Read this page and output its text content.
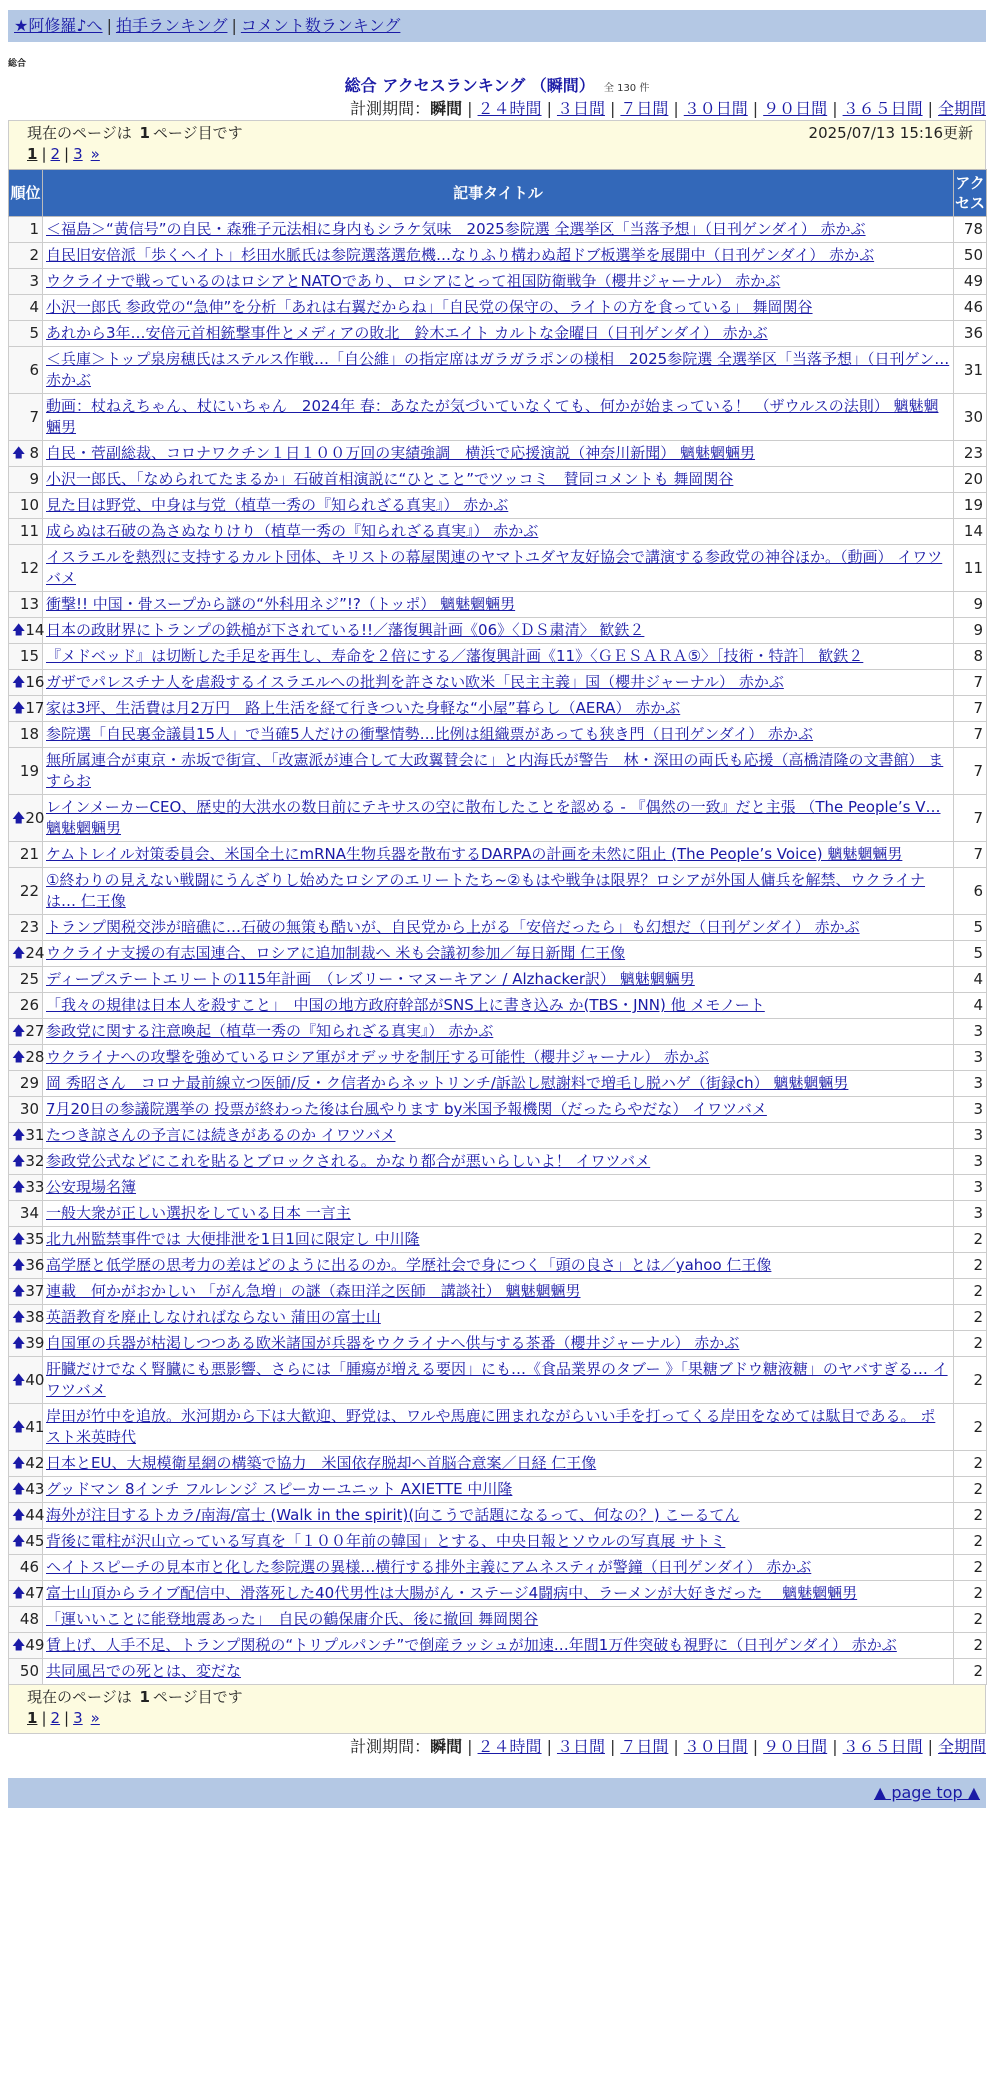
★阿修羅♪へ | 拍手ランキング | コメント数ランキング
総合
総合 アクセスランキング （瞬間） 全 130 件
計測期間：瞬間 | ２４時間 | ３日間 | ７日間 | ３０日間 | ９０日間 | ３６５日間 | 全期間
現在のページは 1 ページ目です	2025/07/13 15:16更新
1 | 2 | 3 »
順位	記事タイトル	アクセス
1	＜福島＞“黄信号”の自民・森雅子元法相に身内もシラケ気味　2025参院選 全選挙区「当落予想」（日刊ゲンダイ） 赤かぶ	78
2	自民旧安倍派「歩くヘイト」杉田水脈氏は参院選落選危機…なりふり構わぬ超ドブ板選挙を展開中（日刊ゲンダイ） 赤かぶ	50
3	ウクライナで戦っているのはロシアとNATOであり、ロシアにとって祖国防衛戦争（櫻井ジャーナル） 赤かぶ	49
4	小沢一郎氏 参政党の“急伸”を分析「あれは右翼だからね」「自民党の保守の、ライトの方を食っている」 舞岡関谷	46
5	あれから3年…安倍元首相銃撃事件とメディアの敗北　鈴木エイト カルトな金曜日（日刊ゲンダイ） 赤かぶ	36
6	＜兵庫＞トップ泉房穂氏はステルス作戦…「自公維」の指定席はガラガラポンの様相　2025参院選 全選挙区「当落予想」（日刊ゲン… 赤かぶ	31
7	動画：杖ねえちゃん、杖にいちゃん　2024年 春：あなたが気づいていなくても、何かが始まっている！ （ザウルスの法則） 魑魅魍魎男	30

🡅 8	自民・菅副総裁、コロナワクチン１日１００万回の実績強調　横浜で応援演説（神奈川新聞） 魑魅魍魎男	23
9	小沢一郎氏、「なめられてたまるか」石破首相演説に“ひとこと”でツッコミ　賛同コメントも 舞岡関谷	20
10	見た目は野党、中身は与党（植草一秀の『知られざる真実』） 赤かぶ	19
11	成らぬは石破の為さぬなりけり（植草一秀の『知られざる真実』） 赤かぶ	14
12	イスラエルを熱烈に支持するカルト団体、キリストの幕屋関連のヤマトユダヤ友好協会で講演する参政党の神谷ほか。（動画） イワツバメ	11
13	衝撃!! 中国・骨スープから謎の“外科用ネジ”!?（トッポ） 魑魅魍魎男	9

🡅 14	日本の政財界にトランプの鉄槌が下されている!!／藩復興計画《06》〈ＤＳ粛清〉 歓鉄２	9
15	『メドベッド』は切断した手足を再生し、寿命を２倍にする／藩復興計画《11》〈ＧＥＳＡＲＡ⑤〉［技術・特許］ 歓鉄２	8

🡅 16	ガザでパレスチナ人を虐殺するイスラエルへの批判を許さない欧米「民主主義」国（櫻井ジャーナル） 赤かぶ	7

🡅 17	家は3坪、生活費は月2万円　路上生活を経て行きついた身軽な“小屋”暮らし（AERA） 赤かぶ	7
18	参院選「自民裏金議員15人」で当確5人だけの衝撃情勢…比例は組織票があっても狭き門（日刊ゲンダイ） 赤かぶ	7
19	無所属連合が東京・赤坂で街宣、「改憲派が連合して大政翼賛会に」と内海氏が警告　林・深田の両氏も応援（高橋清隆の文書館） ますらお	7

🡅 20	レインメーカーCEO、歴史的大洪水の数日前にテキサスの空に散布したことを認める - 『偶然の一致』だと主張 （The People’s V… 魑魅魍魎男	7
21	ケムトレイル対策委員会、米国全土にmRNA生物兵器を散布するDARPAの計画を未然に阻止 (The People’s Voice) 魑魅魍魎男	7
22	①終わりの見えない戦闘にうんざりし始めたロシアのエリートたち~②もはや戦争は限界？ロシアが外国人傭兵を解禁、ウクライナは… 仁王像	6
23	トランプ関税交渉が暗礁に…石破の無策も酷いが、自民党から上がる「安倍だったら」も幻想だ（日刊ゲンダイ） 赤かぶ	5

🡅 24	ウクライナ支援の有志国連合、ロシアに追加制裁へ 米も会議初参加／毎日新聞 仁王像	5
25	ディープステートエリートの115年計画　（レズリー・マヌーキアン / Alzhacker訳） 魑魅魍魎男	4
26	「我々の規律は日本人を殺すこと」　中国の地方政府幹部がSNS上に書き込み か(TBS・JNN) 他 メモノート	4

🡅 27	参政党に関する注意喚起（植草一秀の『知られざる真実』） 赤かぶ	3

🡅 28	ウクライナへの攻撃を強めているロシア軍がオデッサを制圧する可能性（櫻井ジャーナル） 赤かぶ	3
29	岡 秀昭さん　コロナ最前線立つ医師/反・ク信者からネットリンチ/訴訟し慰謝料で増毛し脱ハゲ（街録ch） 魑魅魍魎男	3
30	7月20日の参議院選挙の 投票が終わった後は台風やります by米国予報機関（だったらやだな） イワツバメ	3

🡅 31	たつき諒さんの予言には続きがあるのか イワツバメ	3

🡅 32	参政党公式などにこれを貼るとブロックされる。かなり都合が悪いらしいよ！ イワツバメ	3

🡅 33	公安現場名簿	3
34	一般大衆が正しい選択をしている日本 一言主	3

🡅 35	北九州監禁事件では 大便排泄を1日1回に限定し 中川隆	2

🡅 36	高学歴と低学歴の思考力の差はどのように出るのか。学歴社会で身につく「頭の良さ」とは／yahoo 仁王像	2

🡅 37	連載　何かがおかしい 「がん急増」の謎（森田洋之医師　講談社） 魑魅魍魎男	2

🡅 38	英語教育を廃止しなければならない 蒲田の富士山	2

🡅 39	自国軍の兵器が枯渇しつつある欧米諸国が兵器をウクライナへ供与する茶番（櫻井ジャーナル） 赤かぶ	2

🡅 40	肝臓だけでなく腎臓にも悪影響、さらには「腫瘍が増える要因」にも…《食品業界のタブー 》「果糖ブドウ糖液糖」のヤバすぎる… イワツバメ	2

🡅 41	岸田が竹中を追放。氷河期から下は大歓迎、野党は、ワルや馬鹿に囲まれながらいい手を打ってくる岸田をなめては駄目である。 ポスト米英時代	2

🡅 42	日本とEU、大規模衛星網の構築で協力　米国依存脱却へ首脳合意案／日経 仁王像	2

🡅 43	グッドマン 8インチ フルレンジ スピーカーユニット AXIETTE 中川隆	2

🡅 44	海外が注目するトカラ/南海/富士 (Walk in the spirit)(向こうで話題になるって、何なの？) こーるてん	2

🡅 45	背後に電柱が沢山立っている写真を「１００年前の韓国」とする、中央日報とソウルの写真展 サトミ	2
46	ヘイトスピーチの見本市と化した参院選の異様…横行する排外主義にアムネスティが警鐘（日刊ゲンダイ） 赤かぶ	2

🡅 47	富士山頂からライブ配信中、滑落死した40代男性は大腸がん・ステージ4闘病中、ラーメンが大好きだった　 魑魅魍魎男	2
48	「運いいことに能登地震あった」　自民の鶴保庸介氏、後に撤回 舞岡関谷	2

🡅 49	賃上げ、人手不足、トランプ関税の“トリプルパンチ”で倒産ラッシュが加速…年間1万件突破も視野に（日刊ゲンダイ） 赤かぶ	2
50	共同風呂での死とは、変だな	2
現在のページは 1 ページ目です
1 | 2 | 3 »
計測期間：瞬間 | ２４時間 | ３日間 | ７日間 | ３０日間 | ９０日間 | ３６５日間 | 全期間
▲ page top ▲
